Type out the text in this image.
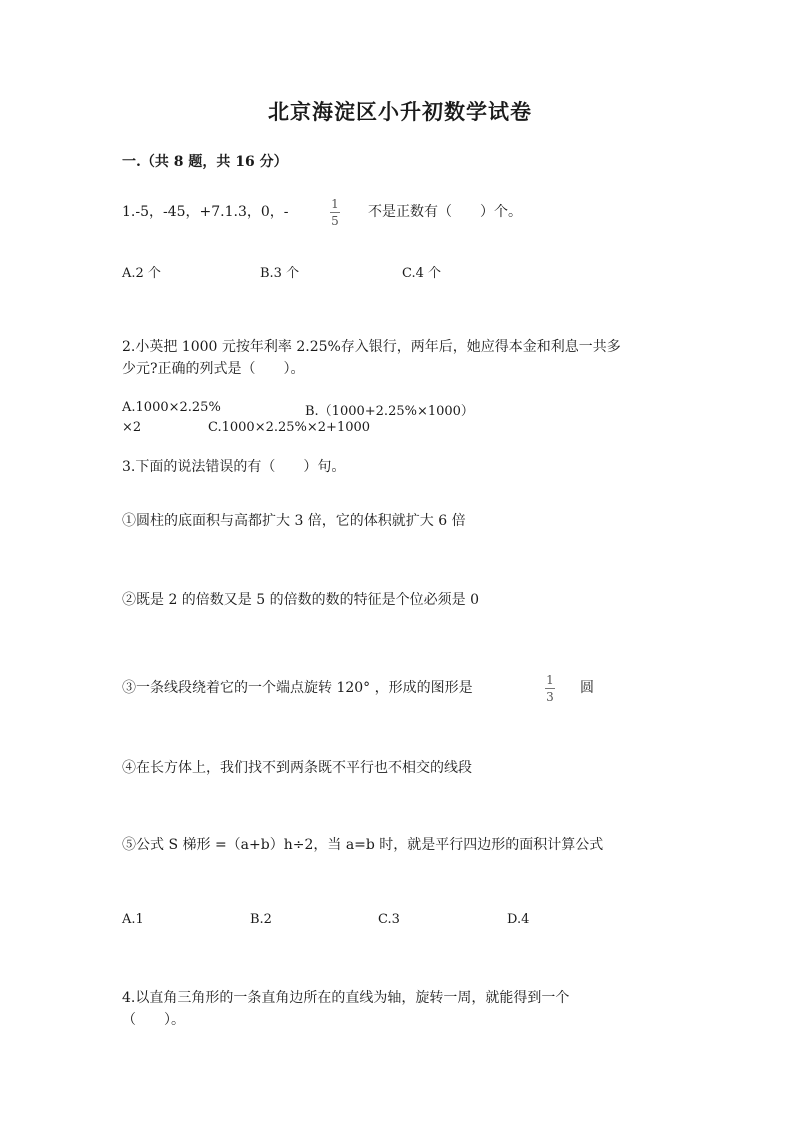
北京海淀区小升初数学试卷
一.（共 8 题，共 16 分）
1.-5，-45，+7.1.3，0，-	1
5
不是正数有（　　）个。
A.2 个	B.3 个	C.4 个
2.小英把 1000 元按年利率 2.25%存入银行，两年后，她应得本金和利息一共多
少元?正确的列式是（　　）。
A.1000×2.25%	B.（1000+2.25%×1000）
×2	C.1000×2.25%×2+1000
3.下面的说法错误的有（　　）句。
①圆柱的底面积与高都扩大 3 倍，它的体积就扩大 6 倍
②既是 2 的倍数又是 5 的倍数的数的特征是个位必须是 0
③一条线段绕着它的一个端点旋转 120° ，形成的图形是	1
3
圆
④在长方体上，我们找不到两条既不平行也不相交的线段
⑤公式 S 梯形 =（a+b）h÷2，当 a=b 时，就是平行四边形的面积计算公式
A.1	B.2	C.3	D.4
4.以直角三角形的一条直角边所在的直线为轴，旋转一周，就能得到一个
（　　）。
